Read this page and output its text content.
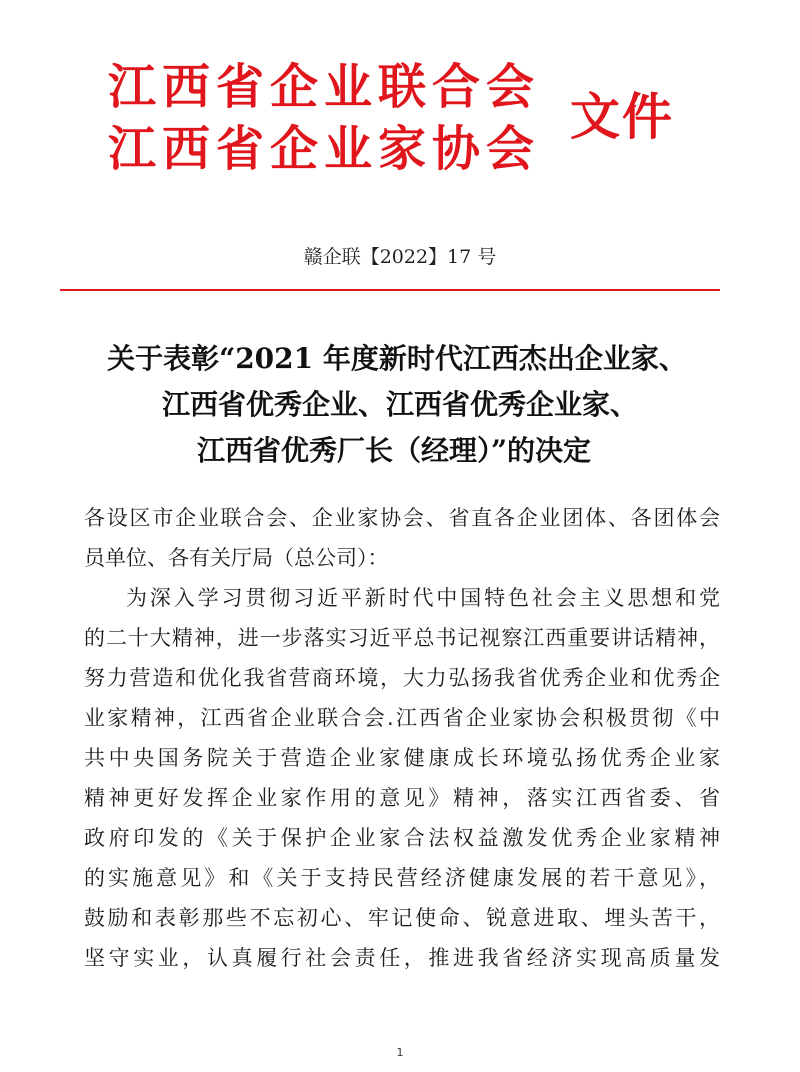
江西省企业联合会
江西省企业家协会
文件
赣企联【2022】17 号
关于表彰“2021 年度新时代江西杰出企业家、
江西省优秀企业、江西省优秀企业家、
江西省优秀厂长（经理）”的决定
各设区市企业联合会、企业家协会、省直各企业团体、各团体会
员单位、各有关厅局（总公司）：
为深入学习贯彻习近平新时代中国特色社会主义思想和党
的二十大精神，进一步落实习近平总书记视察江西重要讲话精神，
努力营造和优化我省营商环境，大力弘扬我省优秀企业和优秀企
业家精神，江西省企业联合会.江西省企业家协会积极贯彻《中
共中央国务院关于营造企业家健康成长环境弘扬优秀企业家
精神更好发挥企业家作用的意见》精神，落实江西省委、省
政府印发的《关于保护企业家合法权益激发优秀企业家精神
的实施意见》和《关于支持民营经济健康发展的若干意见》，
鼓励和表彰那些不忘初心、牢记使命、锐意进取、埋头苦干，
坚守实业，认真履行社会责任，推进我省经济实现高质量发
1
